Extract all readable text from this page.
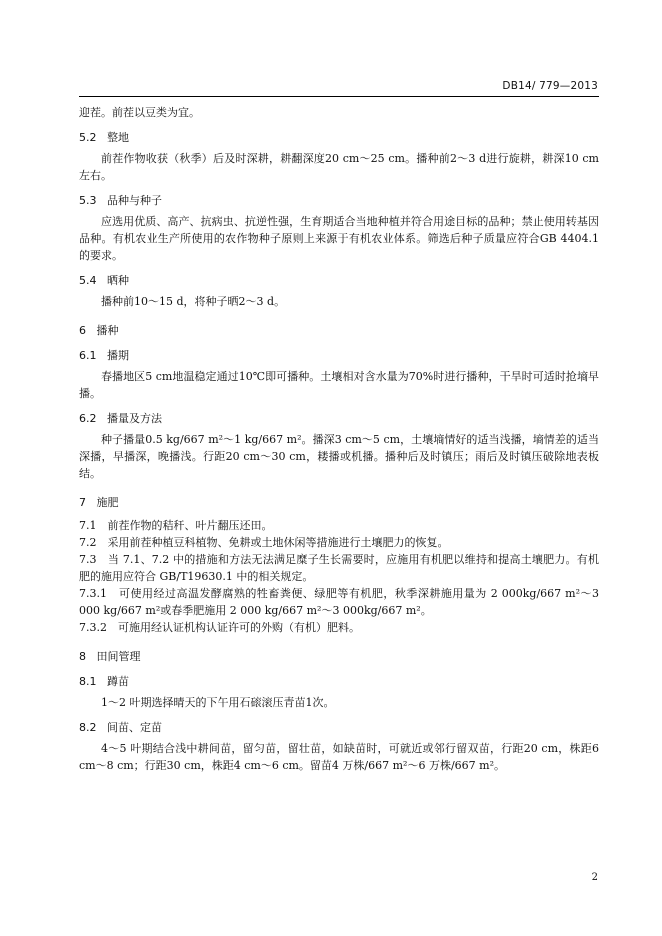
DB14/ 779—2013

迎茬。前茬以豆类为宜。

5.2 整地

前茬作物收获（秋季）后及时深耕，耕翻深度20 cm～25 cm。播种前2～3 d进行旋耕，耕深10 cm左右。

5.3 品种与种子

应选用优质、高产、抗病虫、抗逆性强，生育期适合当地种植并符合用途目标的品种；禁止使用转基因品种。有机农业生产所使用的农作物种子原则上来源于有机农业体系。筛选后种子质量应符合GB 4404.1 的要求。

5.4 晒种

播种前10～15 d，将种子晒2～3 d。

6 播种

6.1 播期

春播地区5 cm地温稳定通过10℃即可播种。土壤相对含水量为70%时进行播种，干旱时可适时抢墒早播。

6.2 播量及方法

种子播量0.5 kg/667 m²～1 kg/667 m²。播深3 cm～5 cm，土壤墒情好的适当浅播，墒情差的适当深播，早播深，晚播浅。行距20 cm～30 cm，耧播或机播。播种后及时镇压；雨后及时镇压破除地表板结。

7 施肥

7.1　前茬作物的秸秆、叶片翻压还田。

7.2　采用前茬种植豆科植物、免耕或土地休闲等措施进行土壤肥力的恢复。

7.3　当 7.1、7.2 中的措施和方法无法满足糜子生长需要时，应施用有机肥以维持和提高土壤肥力。有机肥的施用应符合 GB/T19630.1 中的相关规定。

7.3.1　可使用经过高温发酵腐熟的牲畜粪便、绿肥等有机肥，秋季深耕施用量为 2 000kg/667 m²～3 000 kg/667 m²或春季肥施用 2 000 kg/667 m²～3 000kg/667 m²。

7.3.2　可施用经认证机构认证许可的外购（有机）肥料。

8 田间管理

8.1 蹲苗

1～2 叶期选择晴天的下午用石磙滚压青苗1次。

8.2 间苗、定苗

4～5 叶期结合浅中耕间苗，留匀苗，留壮苗，如缺苗时，可就近或邻行留双苗，行距20 cm，株距6 cm～8 cm；行距30 cm，株距4 cm～6 cm。留苗4 万株/667 m²～6 万株/667 m²。

2
